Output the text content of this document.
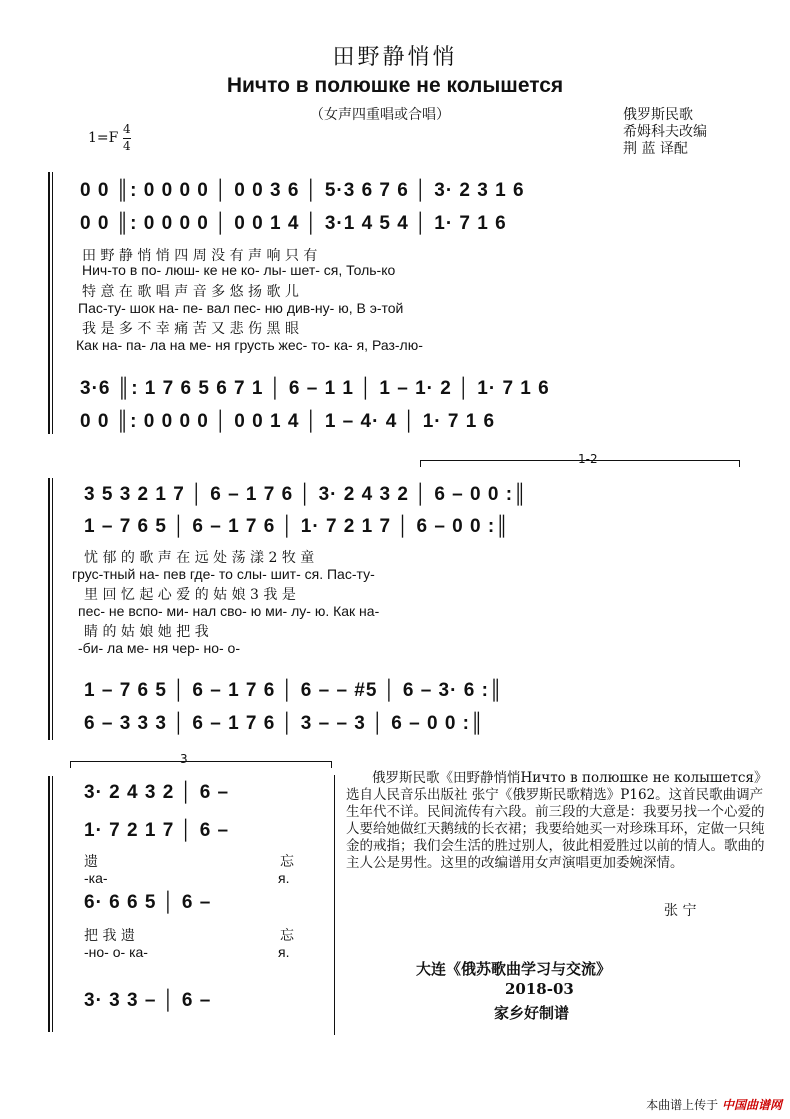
田野静悄悄
Ничто в полюшке не колышется
（女声四重唱或合唱）	俄罗斯民歌
希姆科夫改编
荆 蓝 译配
1=F
4
4
0 0 ║: 0 0 0 0 │ 0 0 3 6 │ 5·3 6 7 6 │ 3· 2 3 1 6
0 0 ║: 0 0 0 0 │ 0 0 1 4 │ 3·1 4 5 4 │ 1· 7 1 6
田 野 静 悄 悄 四 周 没 有 声 响 只 有
Нич-то в по- люш- ке не ко- лы- шет- ся, Толь-ко
特 意 在 歌 唱 声 音 多 悠 扬 歌 儿
Пас-ту- шок на- пе- вал пес- ню див-ну- ю, В э-той
我 是 多 不 幸 痛 苦 又 悲 伤 黑 眼
Как на- па- ла на ме- ня грусть жес- то- ка- я, Раз-лю-
3·6 ║: 1 7 6 5 6 7 1 │ 6 – 1 1 │ 1 – 1· 2 │ 1· 7 1 6
0 0 ║: 0 0 0 0 │ 0 0 1 4 │ 1 – 4· 4 │ 1· 7 1 6
1-2
3 5 3 2 1 7 │ 6 – 1 7 6 │ 3· 2 4 3 2 │ 6 – 0 0 :║
1 – 7 6 5 │ 6 – 1 7 6 │ 1· 7 2 1 7 │ 6 – 0 0 :║
忧 郁 的 歌 声 在 远 处 荡 漾 2 牧 童
грус-тный на- пев где- то слы- шит- ся. Пас-ту-
里 回 忆 起 心 爱 的 姑 娘 3 我 是
пес- не вспо- ми- нал сво- ю ми- лу- ю. Как на-
睛 的 姑 娘 她 把 我
-би- ла ме- ня чер- но- о-
1 – 7 6 5 │ 6 – 1 7 6 │ 6 – – #5 │ 6 – 3· 6 :║
6 – 3 3 3 │ 6 – 1 7 6 │ 3 – – 3 │ 6 – 0 0 :║
3
3· 2 4 3 2 │ 6 –
1· 7 2 1 7 │ 6 –
遗	忘
-ка-	я.
6· 6 6 5 │ 6 –
把 我 遗	忘
-но- о- ка-	я.
3· 3 3 – │ 6 –
俄罗斯民歌《田野静悄悄Ничто в полюшке не колышется》选自人民音乐出版社 张宁《俄罗斯民歌精选》P162。这首民歌曲调产生年代不详。民间流传有六段。前三段的大意是：我要另找一个心爱的人要给她做红天鹅绒的长衣裙；我要给她买一对珍珠耳环，定做一只纯金的戒指；我们会生活的胜过别人，彼此相爱胜过以前的情人。歌曲的主人公是男性。这里的改编谱用女声演唱更加委婉深情。
张 宁
大连《俄苏歌曲学习与交流》
2018-03
家乡好制谱
本曲谱上传于 中国曲谱网
